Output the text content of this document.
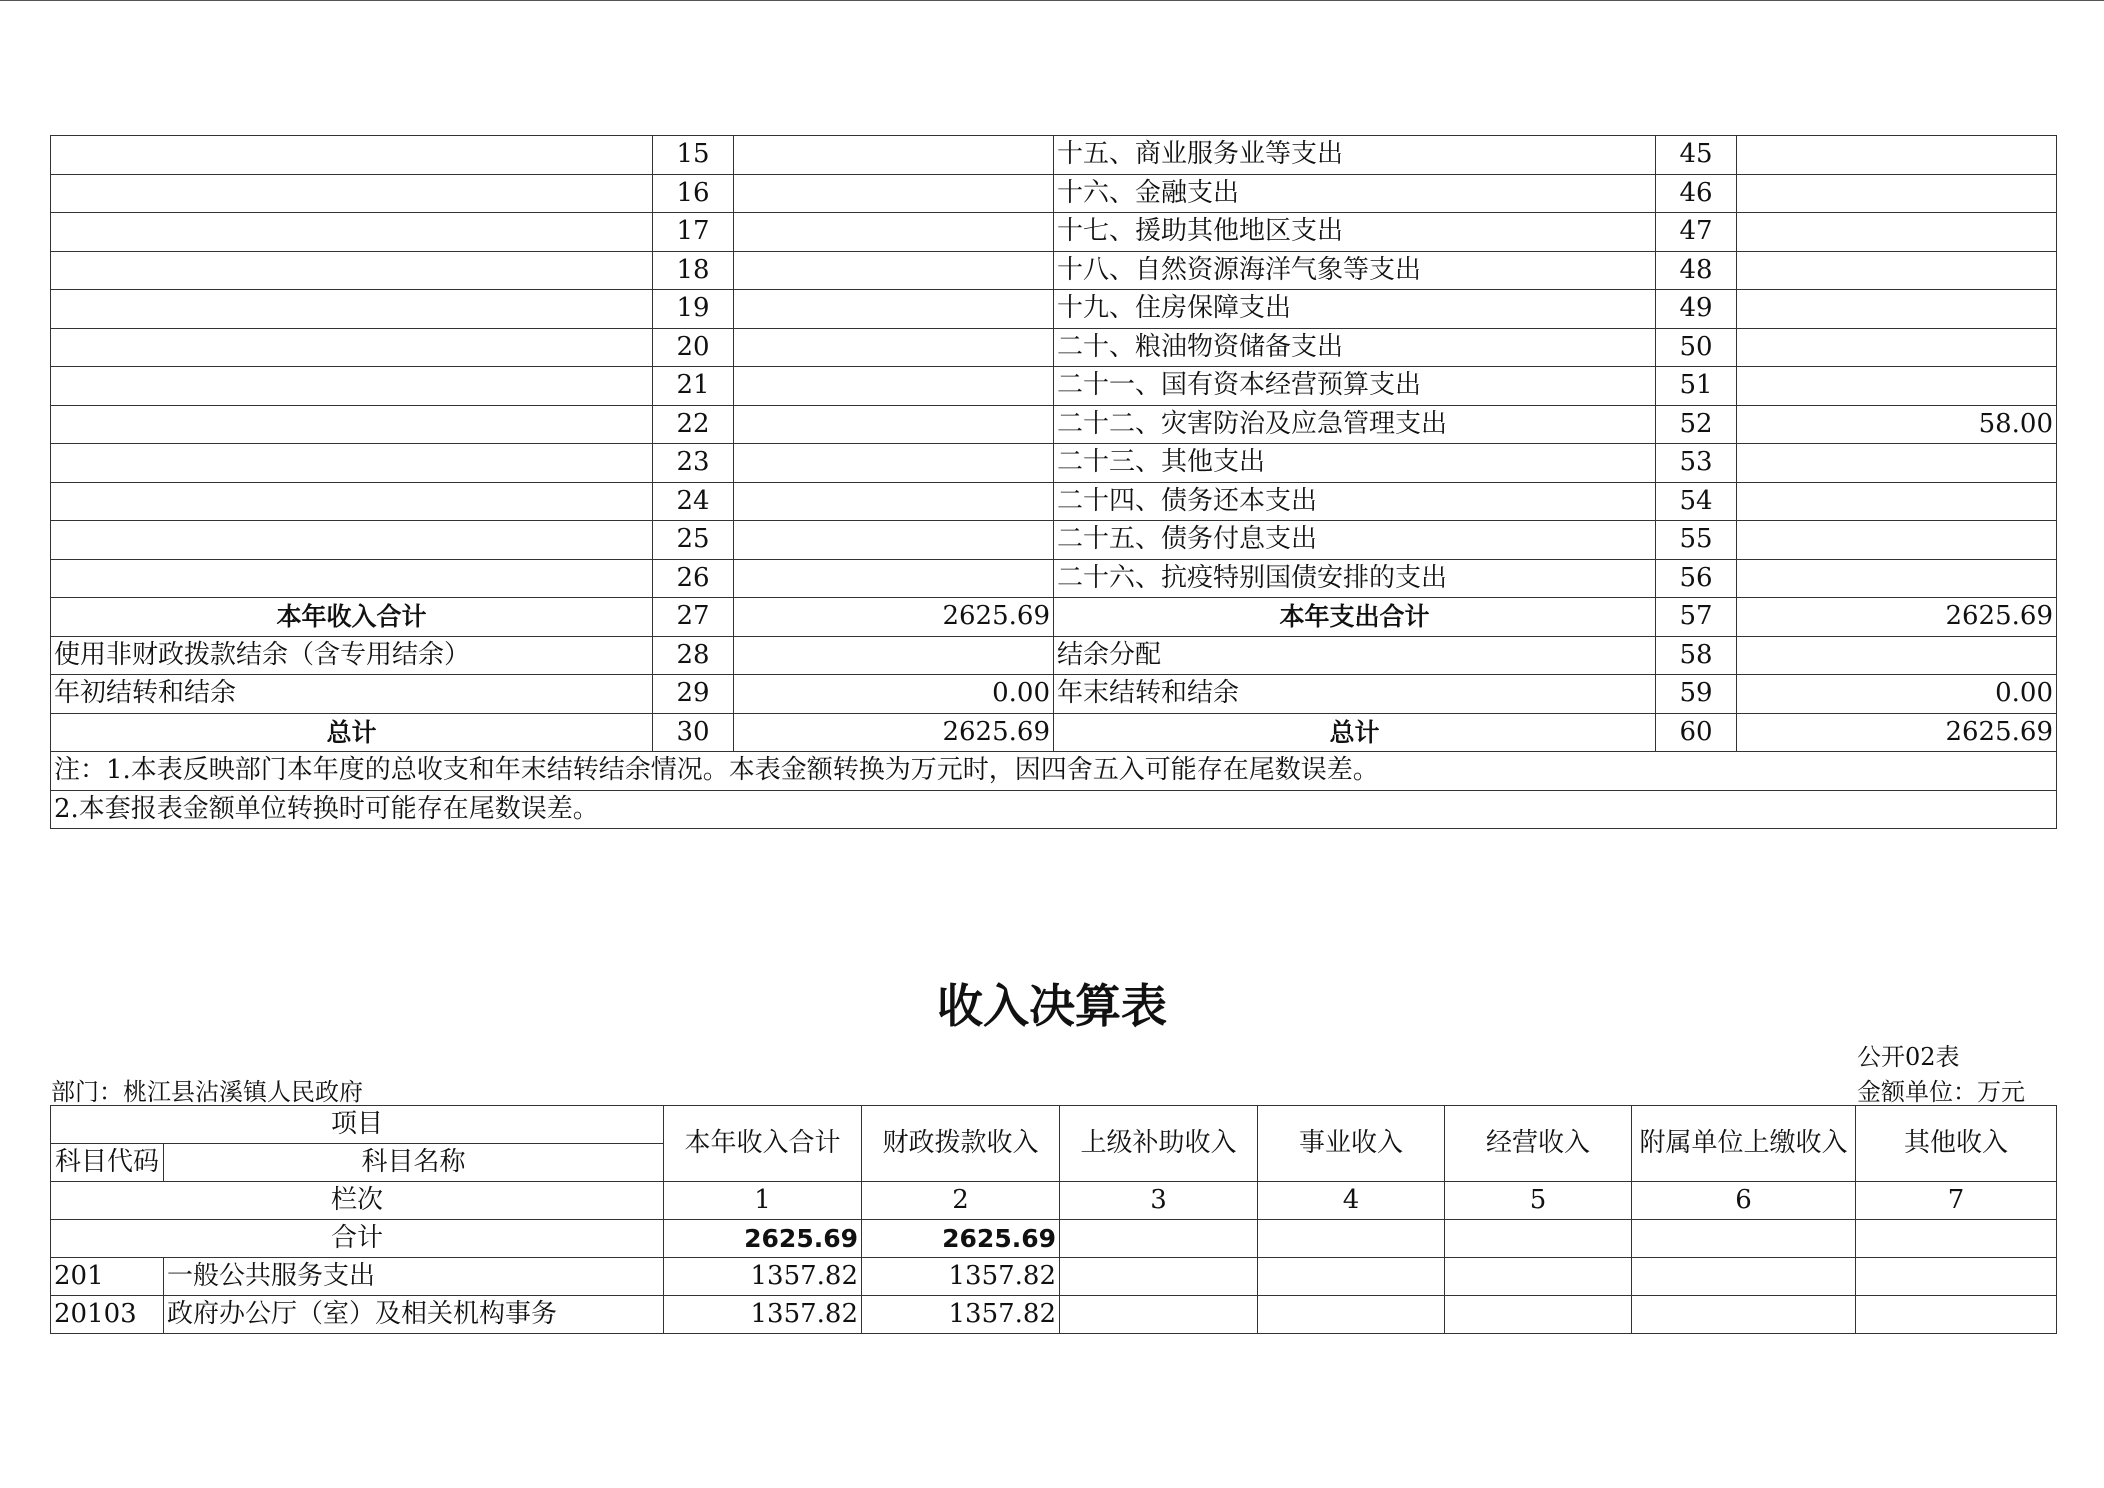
	15		十五、商业服务业等支出	45	
	16		十六、金融支出	46	
	17		十七、援助其他地区支出	47	
	18		十八、自然资源海洋气象等支出	48	
	19		十九、住房保障支出	49	
	20		二十、粮油物资储备支出	50	
	21		二十一、国有资本经营预算支出	51	
	22		二十二、灾害防治及应急管理支出	52	58.00
	23		二十三、其他支出	53	
	24		二十四、债务还本支出	54	
	25		二十五、债务付息支出	55	
	26		二十六、抗疫特别国债安排的支出	56	
本年收入合计	27	2625.69	本年支出合计	57	2625.69
使用非财政拨款结余（含专用结余）	28		结余分配	58	
年初结转和结余	29	0.00	年末结转和结余	59	0.00
总计	30	2625.69	总计	60	2625.69
注：1.本表反映部门本年度的总收支和年末结转结余情况。本表金额转换为万元时，因四舍五入可能存在尾数误差。					
2.本套报表金额单位转换时可能存在尾数误差。					
收入决算表
公开02表
部门：桃江县沾溪镇人民政府	金额单位：万元
项目		本年收入合计	财政拨款收入	上级补助收入	事业收入	经营收入	附属单位上缴收入	其他收入
科目代码	科目名称							
栏次		1	2	3	4	5	6	7
合计		2625.69	2625.69					
201	一般公共服务支出	1357.82	1357.82					
20103	政府办公厅（室）及相关机构事务	1357.82	1357.82					
